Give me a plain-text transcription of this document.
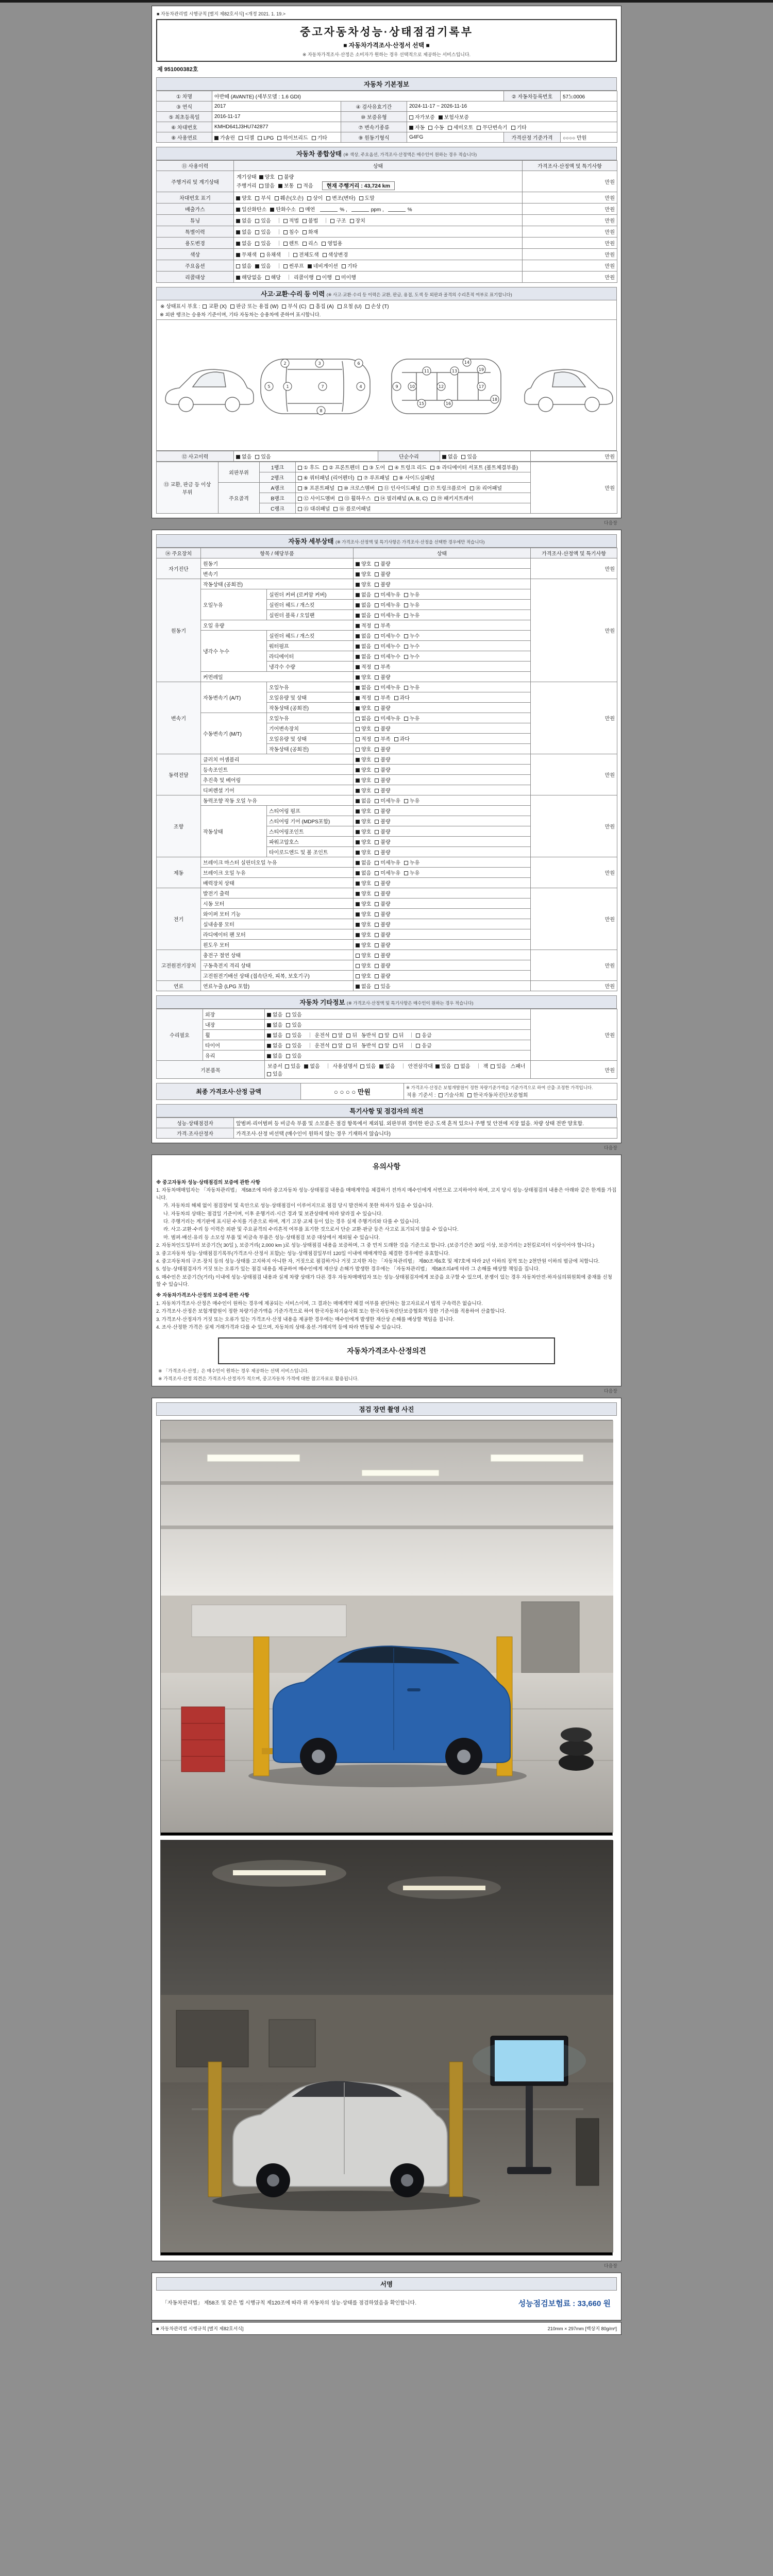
■ 자동차관리법 시행규칙 [별지 제82호서식] <개정 2021. 1. 19.>
중고자동차성능·상태점검기록부
■ 자동차가격조사·산정서 선택 ■
※ 자동차가격조사·산정은 소비자가 원하는 경우 선택적으로 제공하는 서비스입니다.
제 951000382호
자동차 기본정보
① 차명	아반떼 (AVANTE) (세부모델 : 1.6 GDI)			② 자동차등록번호	57노0006
③ 연식	2017	④ 검사유효기간	2024-11-17 ~ 2026-11-16		
⑤ 최초등록일	2016-11-17	⑩ 보증유형	자가보증 보험사보증		
⑥ 차대번호	KMHD641J3HU742877	⑦ 변속기종류	자동 수동 세미오토 무단변속기 기타		
⑧ 사용연료	가솔린 디젤 LPG 하이브리드 기타	⑨ 원동기형식	G4FG	가격산정 기준가격	○○○○ 만원
자동차 종합상태 (※ 색상, 주요옵션, 가격조사·산정액은 매수인이 원하는 경우 적습니다)
⑪ 사용이력	상태	가격조사·산정액 및 특기사항
주행거리 및 계기상태	계기상태 양호 불량
주행거리 많음 보통 적음 현재 주행거리 : 43,724 km	만원
차대번호 표기	양호 부식 훼손(오손) 상이 변조(변타) 도말	만원
배출가스	일산화탄소 탄화수소 매연 % , ppm , %	만원
튜닝	없음 있음 적법 불법 구조 장치	만원
특별이력	없음 있음 침수 화재	만원
용도변경	없음 있음 렌트 리스 영업용	만원
색상	무채색 유채색 전체도색 색상변경	만원
주요옵션	없음 있음 썬루프 네비게이션 기타	만원
리콜대상	해당없음 해당 리콜이행 이행 미이행	만원
사고·교환·수리 등 이력 (※ 사고·교환·수리 등 이력은 교환, 판금, 용접, 도색 등 외판과 골격의 수리흔적 여부로 표기합니다)
※ 상태표시 부호 : 교환 (X) 판금 또는 용접 (W) 부식 (C) 흠집 (A) 요철 (U) 손상 (T)
※ 외판 랭크는 승용차 기준이며, 기타 자동차는 승용차에 준하여 표시합니다.
1
2	3
4
5
6
7
8
9	10
11
12
13
14
15	16
17
18
19
⑫ 사고이력	없음 있음	단순수리	없음 있음	만원
⑬ 교환, 판금 등 이상 부위	외판부위	1랭크	① 후드 ② 프론트펜더 ③ 도어 ④ 트렁크 리드 ⑤ 라디에이터 서포트 (볼트체결부품)	만원
		2랭크	⑥ 쿼터패널 (리어펜더) ⑦ 루프패널 ⑧ 사이드실패널	
	주요골격	A랭크	⑨ 프론트패널 ⑩ 크로스멤버 ⑪ 인사이드패널 ⑰ 트렁크플로어 ⑱ 리어패널	
		B랭크	⑫ 사이드멤버 ⑬ 휠하우스 ⑭ 필러패널 (A, B, C) ⑲ 패키지트레이	
		C랭크	⑮ 대쉬패널 ⑯ 플로어패널	
다음장
자동차 세부상태 (※ 가격조사·산정액 및 특기사항은 가격조사·산정을 선택한 경우에만 적습니다)
⑭ 주요장치	항목 / 해당부품		상태	가격조사·산정액 및 특기사항
자기진단	원동기		양호 불량	만원
	변속기		양호 불량	
원동기	작동상태 (공회전)		양호 불량	만원
	오일누유	실린더 커버 (로커암 커버)	없음 미세누유 누유	
		실린더 헤드 / 개스킷	없음 미세누유 누유	
		실린더 블록 / 오일팬	없음 미세누유 누유	
	오일 유량		적정 부족	
	냉각수 누수	실린더 헤드 / 개스킷	없음 미세누수 누수	
		워터펌프	없음 미세누수 누수	
		라디에이터	없음 미세누수 누수	
		냉각수 수량	적정 부족	
	커먼레일		양호 불량	
변속기	자동변속기 (A/T)	오일누유	없음 미세누유 누유	만원
		오일유량 및 상태	적정 부족 과다	
		작동상태 (공회전)	양호 불량	
	수동변속기 (M/T)	오일누유	없음 미세누유 누유	
		기어변속장치	양호 불량	
		오일유량 및 상태	적정 부족 과다	
		작동상태 (공회전)	양호 불량	
동력전달	클러치 어셈블리		양호 불량	만원
	등속조인트		양호 불량	
	추진축 및 베어링		양호 불량	
	디퍼렌셜 기어		양호 불량	
조향	동력조향 작동 오일 누유		없음 미세누유 누유	만원
	작동상태	스티어링 펌프	양호 불량	
		스티어링 기어 (MDPS포함)	양호 불량	
		스티어링조인트	양호 불량	
		파워고압호스	양호 불량	
		타이로드엔드 및 볼 조인트	양호 불량	
제동	브레이크 마스터 실린더오일 누유		없음 미세누유 누유	만원
	브레이크 오일 누유		없음 미세누유 누유	
	배력장치 상태		양호 불량	
전기	발전기 출력		양호 불량	만원
	시동 모터		양호 불량	
	와이퍼 모터 기능		양호 불량	
	실내송풍 모터		양호 불량	
	라디에이터 팬 모터		양호 불량	
	윈도우 모터		양호 불량	
고전원전기장치	충전구 절연 상태		양호 불량	만원
	구동축전지 격리 상태		양호 불량	
	고전원전기배선 상태 (접속단자, 피복, 보호기구)		양호 불량	
연료	연료누출 (LPG 포함)		없음 있음	만원
자동차 기타정보 (※ 가격조사·산정액 및 특기사항은 매수인이 원하는 경우 적습니다)
수리필요	외장	없음 있음	만원
	내장	없음 있음	
	휠	없음 있음 운전석 앞 뒤 동반석 앞 뒤 응급	
	타이어	없음 있음 운전석 앞 뒤 동반석 앞 뒤 응급	
	유리	없음 있음	
기본품목		보증서 있음 없음 사용설명서 있음 없음 안전삼각대 있음 없음 잭 있음 스패너있음	만원
최종 가격조사·산정 금액	○ ○ ○ ○ 만원	
※ 가격조사·산정은 보험개발원이 정한 차량기준가액을 기준가격으로 하여 산출·조정한 가격입니다.
적용 기준서 : 기술사회 한국자동차진단보증협회
특기사항 및 점검자의 의견
성능·상태점검자	앞범퍼·리어범퍼 등 비금속 부품 및 소모품은 점검 항목에서 제외됨. 외판부위 경미한 판금·도색 흔적 있으나 주행 및 안전에 지장 없음. 차량 상태 전반 양호함.
가격·조사산정자	가격조사·산정 비선택 (매수인이 원하지 않는 경우 기재하지 않습니다)
다음장
유의사항
※ 중고자동차 성능·상태점검의 보증에 관한 사항
1. 자동차매매업자는 「자동차관리법」 제58조에 따라 중고자동차 성능·상태점검 내용을 매매계약을 체결하기 전까지 매수인에게 서면으로 고지하여야 하며, 고지 당시 성능·상태점검의 내용은 아래와 같은 한계를 가집니다.
가. 자동차의 해체 없이 점검장비 및 육안으로 성능·상태점검이 이루어지므로 점검 당시 발견하지 못한 하자가 있을 수 있습니다.
나. 자동차의 상태는 점검일 기준이며, 이후 운행거리·시간 경과 및 보관상태에 따라 달라질 수 있습니다.
다. 주행거리는 계기판에 표시된 수치를 기준으로 하며, 계기 고장·교체 등이 있는 경우 실제 주행거리와 다를 수 있습니다.
라. 사고·교환·수리 등 이력은 외판 및 주요골격의 수리흔적 여부를 표기한 것으로서 단순 교환·판금 등은 사고로 표기되지 않을 수 있습니다.
마. 범퍼·배선·유리 등 소모성 부품 및 비금속 부품은 성능·상태점검 보증 대상에서 제외될 수 있습니다.
2. 자동차인도일부터 보증기간( 30일 ), 보증거리( 2,000 km )로 성능·상태점검 내용을 보증하며, 그 중 먼저 도래한 것을 기준으로 합니다. (보증기간은 30일 이상, 보증거리는 2천킬로미터 이상이어야 합니다.)
3. 중고자동차 성능·상태점검기록부(가격조사·산정서 포함)는 성능·상태점검일부터 120일 이내에 매매계약을 체결한 경우에만 유효합니다.
4. 중고자동차의 구조·장치 등의 성능·상태를 고지하지 아니한 자, 거짓으로 점검하거나 거짓 고지한 자는 「자동차관리법」 제80조제6호 및 제7호에 따라 2년 이하의 징역 또는 2천만원 이하의 벌금에 처합니다.
5. 성능·상태점검자가 거짓 또는 오류가 있는 점검 내용을 제공하여 매수인에게 재산상 손해가 발생한 경우에는 「자동차관리법」 제58조의4에 따라 그 손해를 배상할 책임을 집니다.
6. 매수인은 보증기간(거리) 이내에 성능·상태점검 내용과 실제 차량 상태가 다른 경우 자동차매매업자 또는 성능·상태점검자에게 보증을 요구할 수 있으며, 분쟁이 있는 경우 자동차안전·하자심의위원회에 중재를 신청할 수 있습니다.
※ 자동차가격조사·산정의 보증에 관한 사항
1. 자동차가격조사·산정은 매수인이 원하는 경우에 제공되는 서비스이며, 그 결과는 매매계약 체결 여부를 판단하는 참고자료로서 법적 구속력은 없습니다.
2. 가격조사·산정은 보험개발원이 정한 차량기준가액을 기준가격으로 하여 한국자동차기술사회 또는 한국자동차진단보증협회가 정한 기준서를 적용하여 산출합니다.
3. 가격조사·산정자가 거짓 또는 오류가 있는 가격조사·산정 내용을 제공한 경우에는 매수인에게 발생한 재산상 손해를 배상할 책임을 집니다.
4. 조사·산정한 가격은 실제 거래가격과 다를 수 있으며, 자동차의 상태·옵션·거래지역 등에 따라 변동될 수 있습니다.
자동차가격조사·산정의견
※ 「가격조사·산정」은 매수인이 원하는 경우 제공하는 선택 서비스입니다.
※ 가격조사·산정 의견은 가격조사·산정자가 적으며, 중고자동차 가격에 대한 참고자료로 활용됩니다.
다음장
점검 장면 촬영 사진
다음장
서명
「자동차관리법」 제58조 및 같은 법 시행규칙 제120조에 따라 위 자동차의 성능·상태를 점검하였음을 확인합니다.	성능점검보험료 : 33,660 원
■ 자동차관리법 시행규칙 [별지 제82호서식]	210mm × 297mm [백상지 80g/m²]
